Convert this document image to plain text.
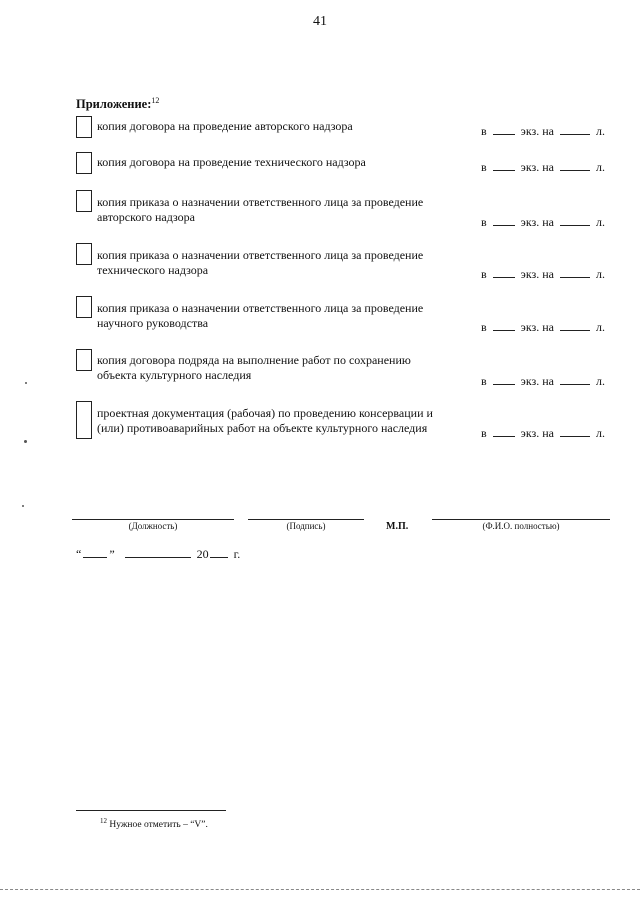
41
Приложение:$^{12}$
копия договора на проведение авторского надзора	в	экз. на	л.
копия договора на проведение технического надзора	в	экз. на	л.
копия приказа о назначении ответственного лица за проведение
авторского надзора	в	экз. на	л.
копия приказа о назначении ответственного лица за проведение
технического надзора	в	экз. на	л.
копия приказа о назначении ответственного лица за проведение
научного руководства	в	экз. на	л.
копия договора подряда на выполнение работ по сохранению
объекта культурного наследия	в	экз. на	л.
проектная документация (рабочая) по проведению консервации и
(или) противоаварийных работ на объекте культурного наследия	в	экз. на	л.
(Должность)	(Подпись)	М.П.	(Ф.И.О. полностью)
“ ”	20 г.
$^{12}$ Нужное отметить – “V”.
